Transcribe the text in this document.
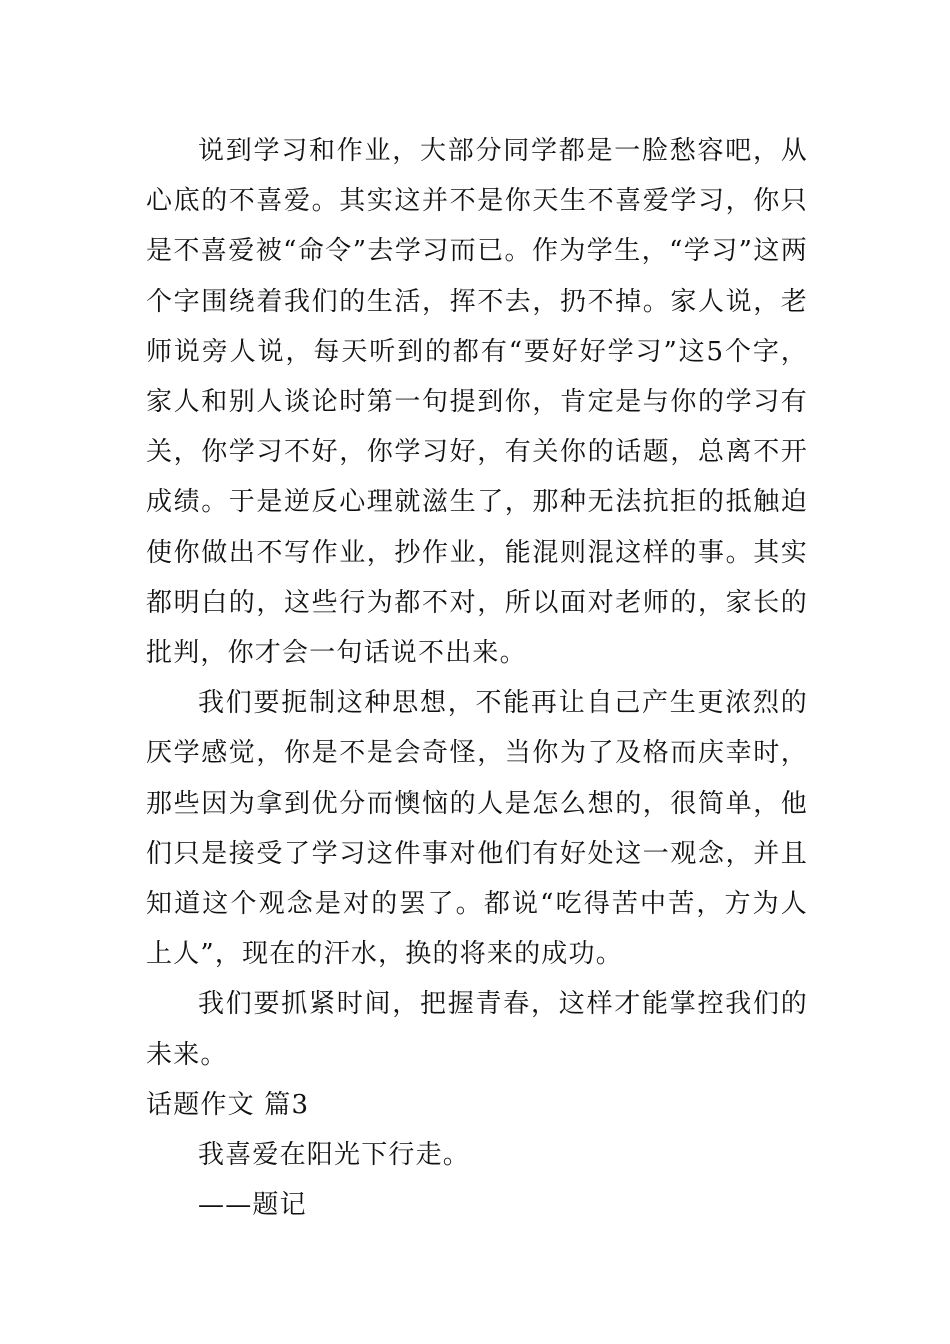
说到学习和作业，大部分同学都是一脸愁容吧，从心底的不喜爱。其实这并不是你天生不喜爱学习，你只是不喜爱被“命令”去学习而已。作为学生，“学习”这两个字围绕着我们的生活，挥不去，扔不掉。家人说，老师说旁人说，每天听到的都有“要好好学习”这5个字，家人和别人谈论时第一句提到你，肯定是与你的学习有关，你学习不好，你学习好，有关你的话题，总离不开成绩。于是逆反心理就滋生了，那种无法抗拒的抵触迫使你做出不写作业，抄作业，能混则混这样的事。其实都明白的，这些行为都不对，所以面对老师的，家长的批判，你才会一句话说不出来。

我们要扼制这种思想，不能再让自己产生更浓烈的厌学感觉，你是不是会奇怪，当你为了及格而庆幸时，那些因为拿到优分而懊恼的人是怎么想的，很简单，他们只是接受了学习这件事对他们有好处这一观念，并且知道这个观念是对的罢了。都说“吃得苦中苦，方为人上人”，现在的汗水，换的将来的成功。

我们要抓紧时间，把握青春，这样才能掌控我们的未来。

话题作文 篇3

我喜爱在阳光下行走。

——题记
